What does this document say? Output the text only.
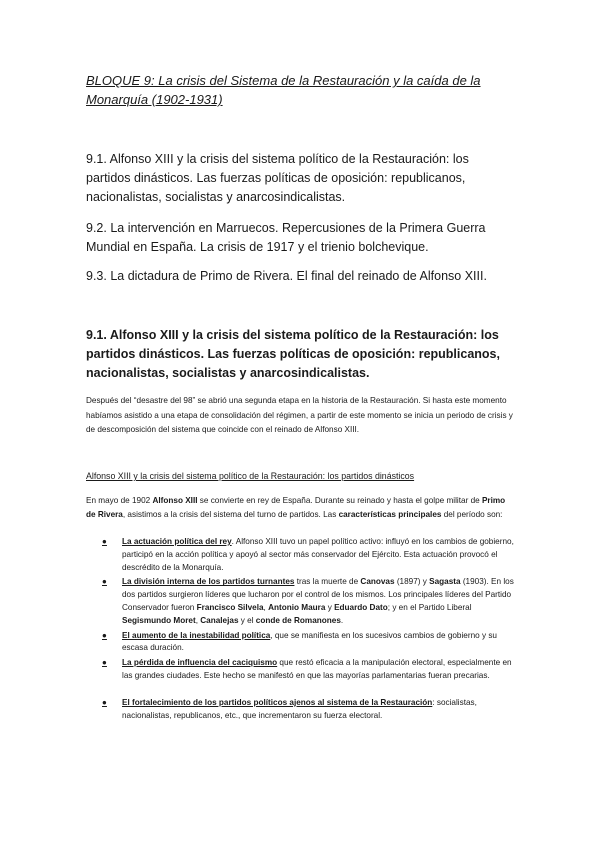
BLOQUE 9: La crisis del Sistema de la Restauración y la caída de la Monarquía (1902-1931)
9.1. Alfonso XIII y la crisis del sistema político de la Restauración: los partidos dinásticos. Las fuerzas políticas de oposición: republicanos, nacionalistas, socialistas y anarcosindicalistas.
9.2. La intervención en Marruecos. Repercusiones de la Primera Guerra Mundial en España. La crisis de 1917 y el trienio bolchevique.
9.3. La dictadura de Primo de Rivera. El final del reinado de Alfonso XIII.
9.1. Alfonso XIII y la crisis del sistema político de la Restauración: los partidos dinásticos. Las fuerzas políticas de oposición: republicanos, nacionalistas, socialistas y anarcosindicalistas.
Después del “desastre del 98” se abrió una segunda etapa en la historia de la Restauración. Si hasta este momento habíamos asistido a una etapa de consolidación del régimen, a partir de este momento se inicia un periodo de crisis y de descomposición del sistema que coincide con el reinado de Alfonso XIII.
Alfonso XIII y la crisis del sistema político de la Restauración: los partidos dinásticos
En mayo de 1902 Alfonso XIII se convierte en rey de España. Durante su reinado y hasta el golpe militar de Primo de Rivera, asistimos a la crisis del sistema del turno de partidos. Las características principales del período son:
●	La actuación política del rey. Alfonso XIII tuvo un papel político activo: influyó en los cambios de gobierno, participó en la acción política y apoyó al sector más conservador del Ejército. Esta actuación provocó el descrédito de la Monarquía.
●	La división interna de los partidos turnantes tras la muerte de Canovas (1897) y Sagasta (1903). En los dos partidos surgieron líderes que lucharon por el control de los mismos. Los principales líderes del Partido Conservador fueron Francisco Silvela, Antonio Maura y Eduardo Dato; y en el Partido Liberal Segismundo Moret, Canalejas y el conde de Romanones.
●	El aumento de la inestabilidad política, que se manifiesta en los sucesivos cambios de gobierno y su escasa duración.
●	La pérdida de influencia del caciquismo que restó eficacia a la manipulación electoral, especialmente en las grandes ciudades. Este hecho se manifestó en que las mayorías parlamentarias fueran precarias.
●	El fortalecimiento de los partidos políticos ajenos al sistema de la Restauración: socialistas, nacionalistas, republicanos, etc., que incrementaron su fuerza electoral.
